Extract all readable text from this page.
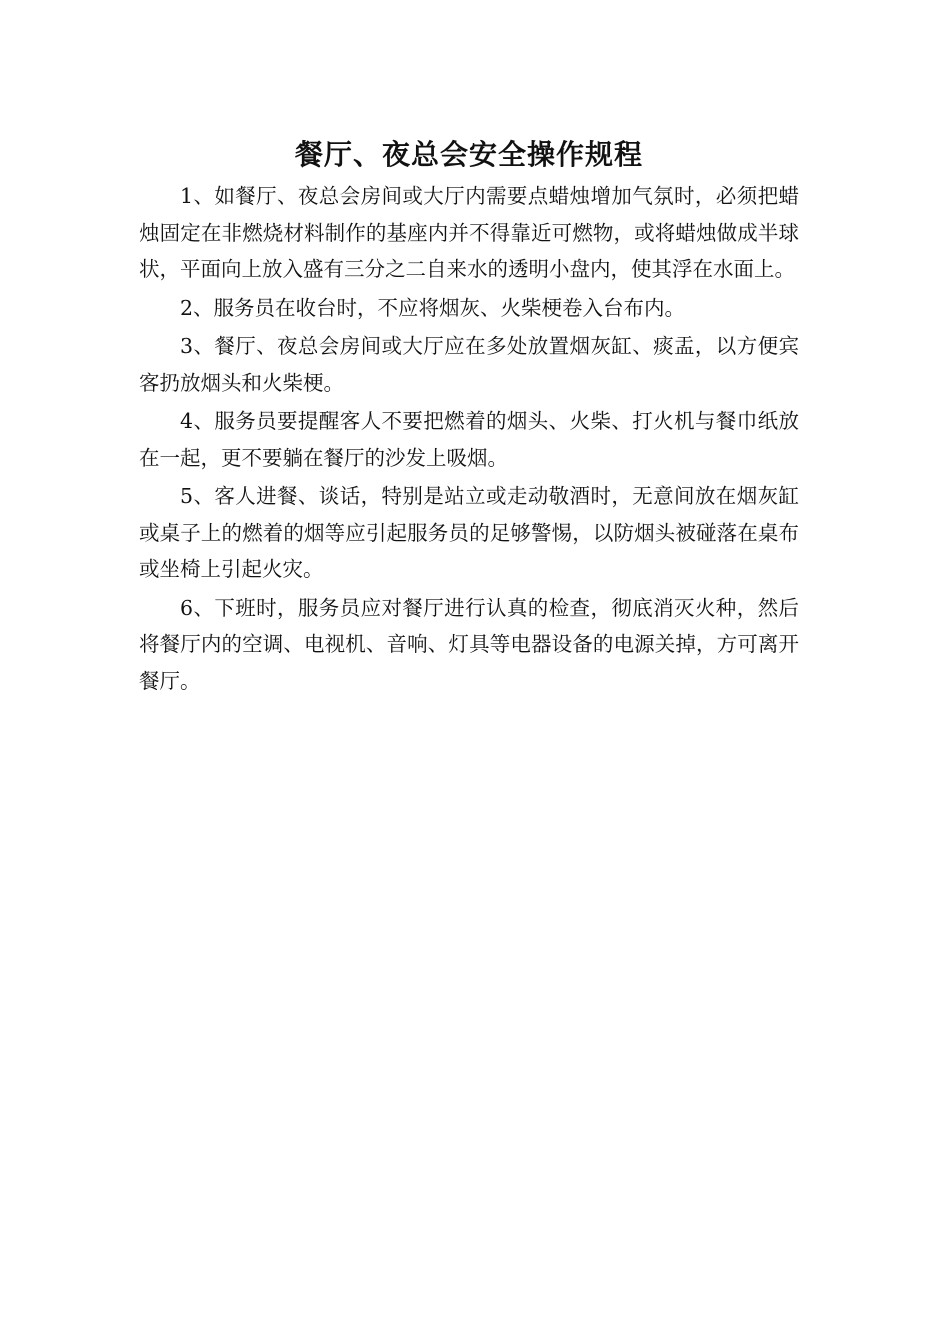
餐厅、夜总会安全操作规程

1、如餐厅、夜总会房间或大厅内需要点蜡烛增加气氛时，必须把蜡烛固定在非燃烧材料制作的基座内并不得靠近可燃物，或将蜡烛做成半球状，平面向上放入盛有三分之二自来水的透明小盘内，使其浮在水面上。

2、服务员在收台时，不应将烟灰、火柴梗卷入台布内。

3、餐厅、夜总会房间或大厅应在多处放置烟灰缸、痰盂，以方便宾客扔放烟头和火柴梗。

4、服务员要提醒客人不要把燃着的烟头、火柴、打火机与餐巾纸放在一起，更不要躺在餐厅的沙发上吸烟。

5、客人进餐、谈话，特别是站立或走动敬酒时，无意间放在烟灰缸或桌子上的燃着的烟等应引起服务员的足够警惕，以防烟头被碰落在桌布或坐椅上引起火灾。

6、下班时，服务员应对餐厅进行认真的检查，彻底消灭火种，然后将餐厅内的空调、电视机、音响、灯具等电器设备的电源关掉，方可离开餐厅。
